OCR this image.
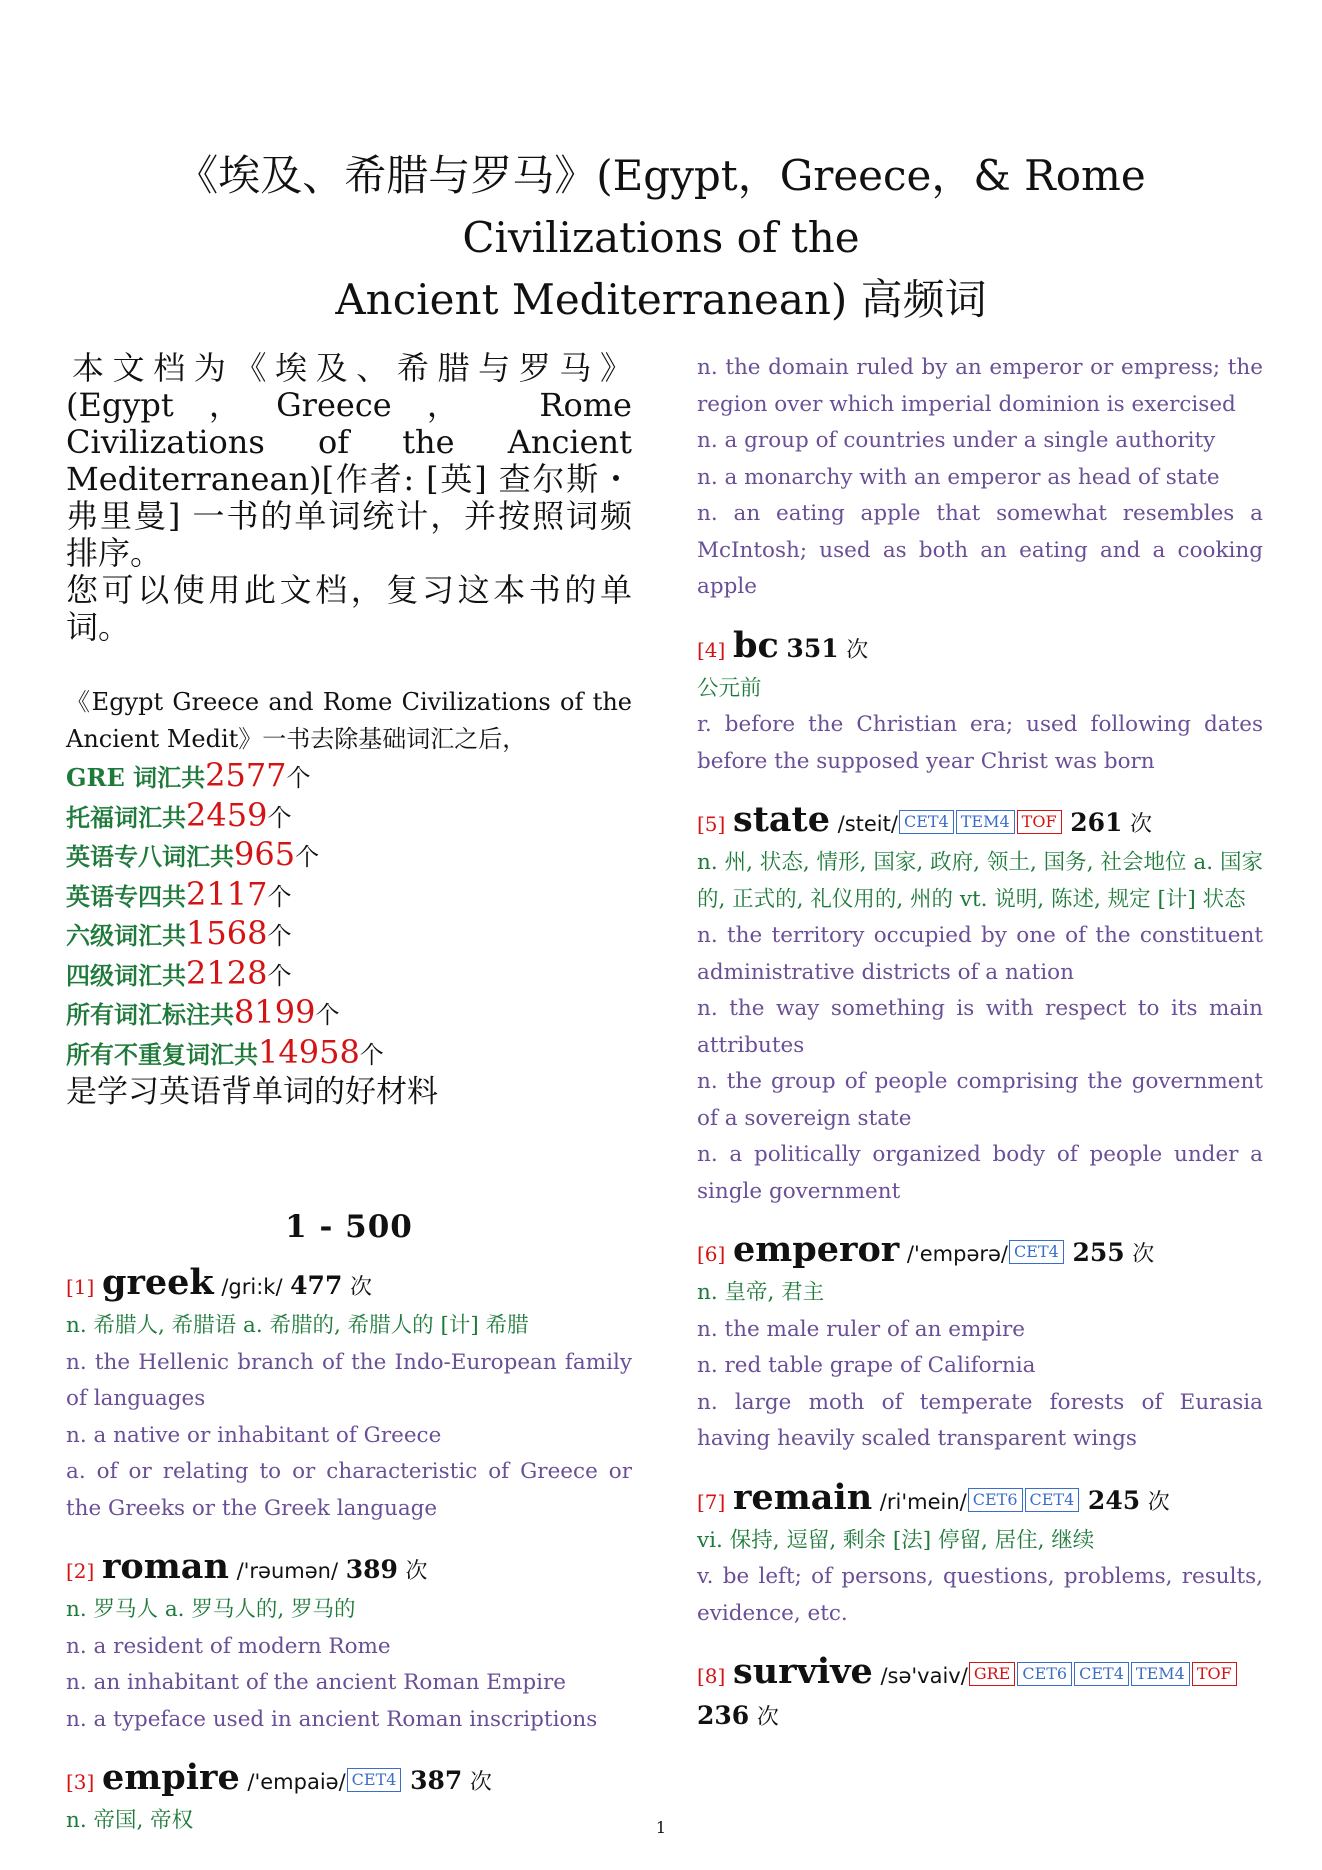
《埃及、希腊与罗马》(Egypt，Greece，& Rome Civilizations of the
Ancient Mediterranean) 高频词

本文档为《埃及、希腊与罗马》(Egypt，Greece， Rome Civilizations of the Ancient Mediterranean)[作者: [英] 查尔斯・弗里曼] 一书的单词统计，并按照词频排序。

您可以使用此文档，复习这本书的单词。

《Egypt Greece and Rome Civilizations of the Ancient Medit》一书去除基础词汇之后，
GRE 词汇共2577个
托福词汇共2459个
英语专八词汇共965个
英语专四共2117个
六级词汇共1568个
四级词汇共2128个
所有词汇标注共8199个
所有不重复词汇共14958个
是学习英语背单词的好材料
1 - 500
[1] greek /gri:k/ 477 次
n. 希腊人, 希腊语 a. 希腊的, 希腊人的 [计] 希腊
n. the Hellenic branch of the Indo-European family of languages
n. a native or inhabitant of Greece
a. of or relating to or characteristic of Greece or the Greeks or the Greek language
[2] roman /'rəumən/ 389 次
n. 罗马人 a. 罗马人的, 罗马的
n. a resident of modern Rome
n. an inhabitant of the ancient Roman Empire
n. a typeface used in ancient Roman inscriptions
[3] empire /'empaiə/ CET4 387 次
n. 帝国, 帝权
n. the domain ruled by an emperor or empress; the region over which imperial dominion is exercised
n. a group of countries under a single authority
n. a monarchy with an emperor as head of state
n. an eating apple that somewhat resembles a McIntosh; used as both an eating and a cooking apple
[4] bc 351 次
公元前
r. before the Christian era; used following dates before the supposed year Christ was born
[5] state /steit/ CET4 TEM4 TOF 261 次
n. 州, 状态, 情形, 国家, 政府, 领土, 国务, 社会地位 a. 国家的, 正式的, 礼仪用的, 州的 vt. 说明, 陈述, 规定 [计] 状态
n. the territory occupied by one of the constituent administrative districts of a nation
n. the way something is with respect to its main attributes
n. the group of people comprising the government of a sovereign state
n. a politically organized body of people under a single government
[6] emperor /'empərə/ CET4 255 次
n. 皇帝, 君主
n. the male ruler of an empire
n. red table grape of California
n. large moth of temperate forests of Eurasia having heavily scaled transparent wings
[7] remain /ri'mein/ CET6 CET4 245 次
vi. 保持, 逗留, 剩余 [法] 停留, 居住, 继续
v. be left; of persons, questions, problems, results, evidence, etc.
[8] survive /sə'vaiv/ GRE CET6 CET4 TEM4 TOF 236 次
1
